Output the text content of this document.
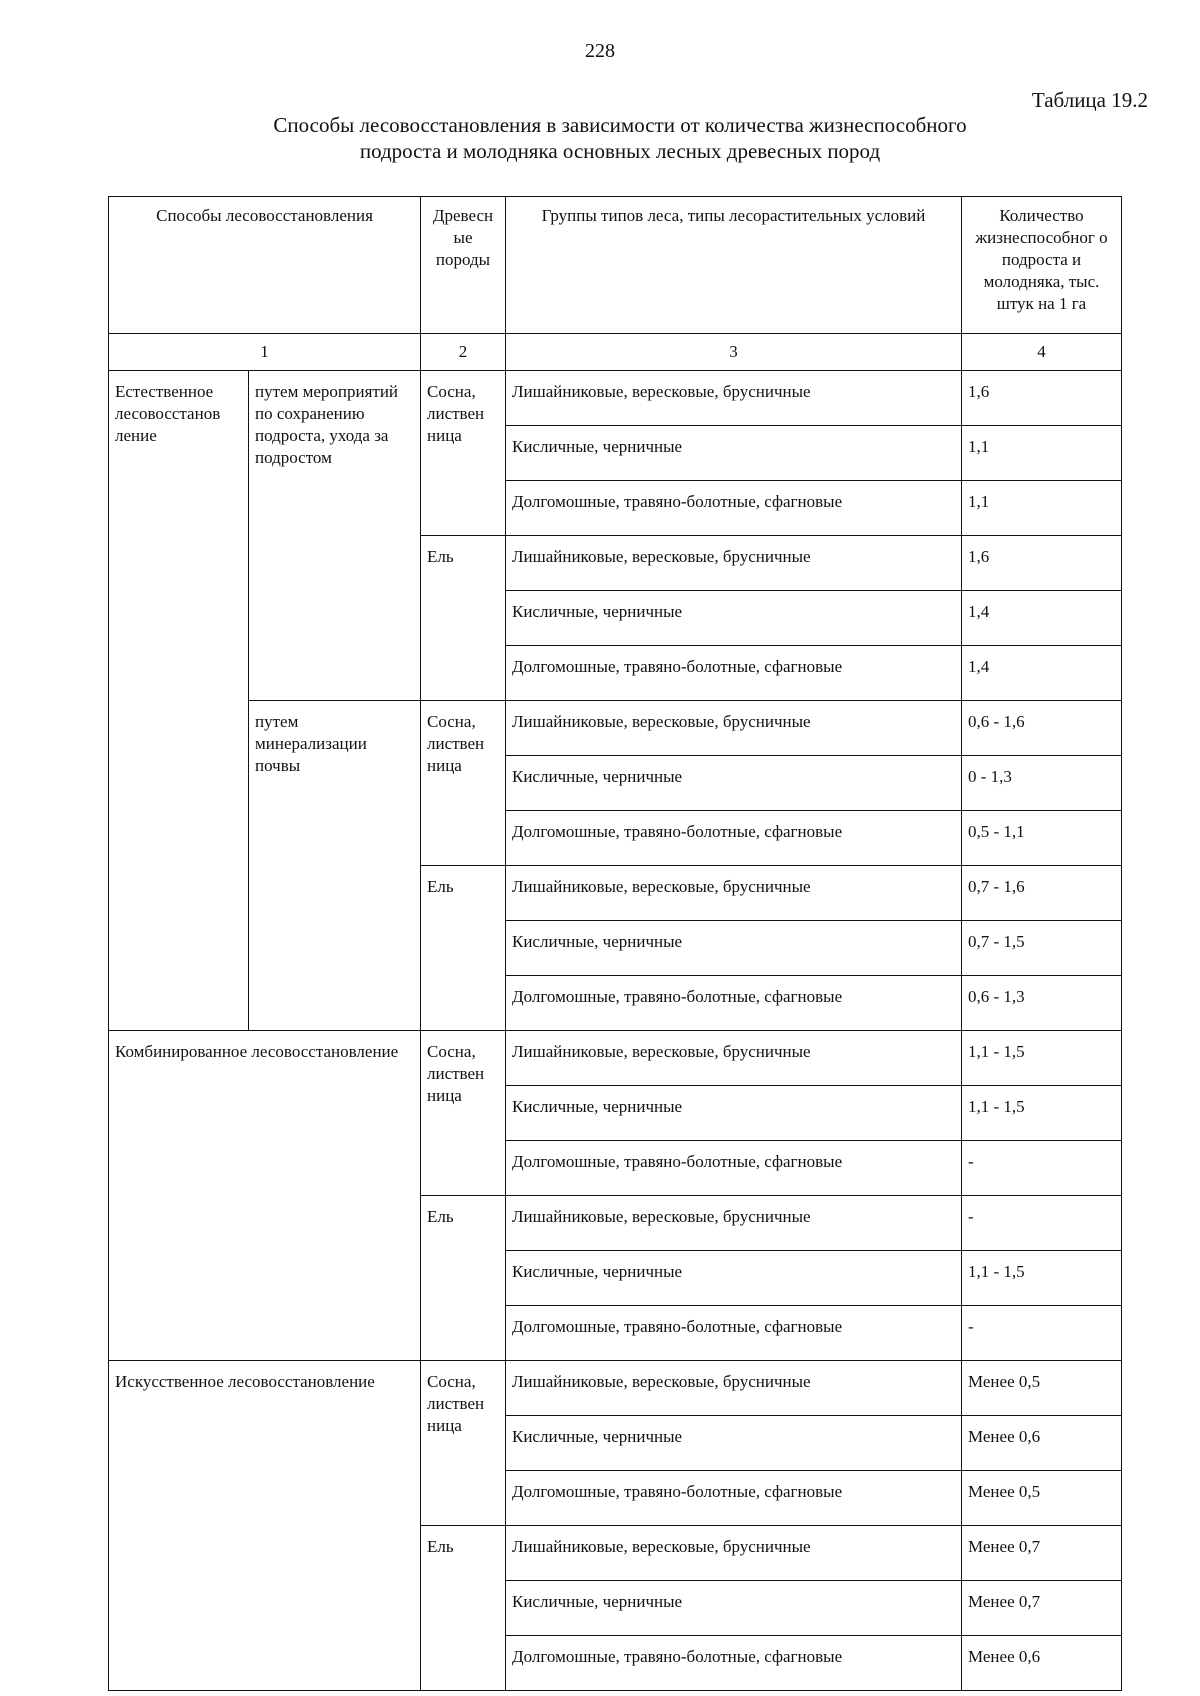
228
Таблица 19.2
Способы лесовосстановления в зависимости от количества жизнеспособного подроста и молодняка основных лесных древесных пород
Способы лесовосстановления		Древесн ые породы	Группы типов леса, типы лесорастительных условий	Количество жизнеспособног о подроста и молодняка, тыс. штук на 1 га
1		2	3	4
Естественное лесовосстанов ление	путем мероприятий по сохранению подроста, ухода за подростом	Сосна, листвен ница	Лишайниковые, вересковые, брусничные	1,6
			Кисличные, черничные	1,1
			Долгомошные, травяно-болотные, сфагновые	1,1
		Ель	Лишайниковые, вересковые, брусничные	1,6
			Кисличные, черничные	1,4
			Долгомошные, травяно-болотные, сфагновые	1,4
	путем минерализации почвы	Сосна, листвен ница	Лишайниковые, вересковые, брусничные	0,6 - 1,6
			Кисличные, черничные	0 - 1,3
			Долгомошные, травяно-болотные, сфагновые	0,5 - 1,1
		Ель	Лишайниковые, вересковые, брусничные	0,7 - 1,6
			Кисличные, черничные	0,7 - 1,5
			Долгомошные, травяно-болотные, сфагновые	0,6 - 1,3
Комбинированное лесовосстановление		Сосна, листвен ница	Лишайниковые, вересковые, брусничные	1,1 - 1,5
			Кисличные, черничные	1,1 - 1,5
			Долгомошные, травяно-болотные, сфагновые	-
		Ель	Лишайниковые, вересковые, брусничные	-
			Кисличные, черничные	1,1 - 1,5
			Долгомошные, травяно-болотные, сфагновые	-
Искусственное лесовосстановление		Сосна, листвен ница	Лишайниковые, вересковые, брусничные	Менее 0,5
			Кисличные, черничные	Менее 0,6
			Долгомошные, травяно-болотные, сфагновые	Менее 0,5
		Ель	Лишайниковые, вересковые, брусничные	Менее 0,7
			Кисличные, черничные	Менее 0,7
			Долгомошные, травяно-болотные, сфагновые	Менее 0,6
